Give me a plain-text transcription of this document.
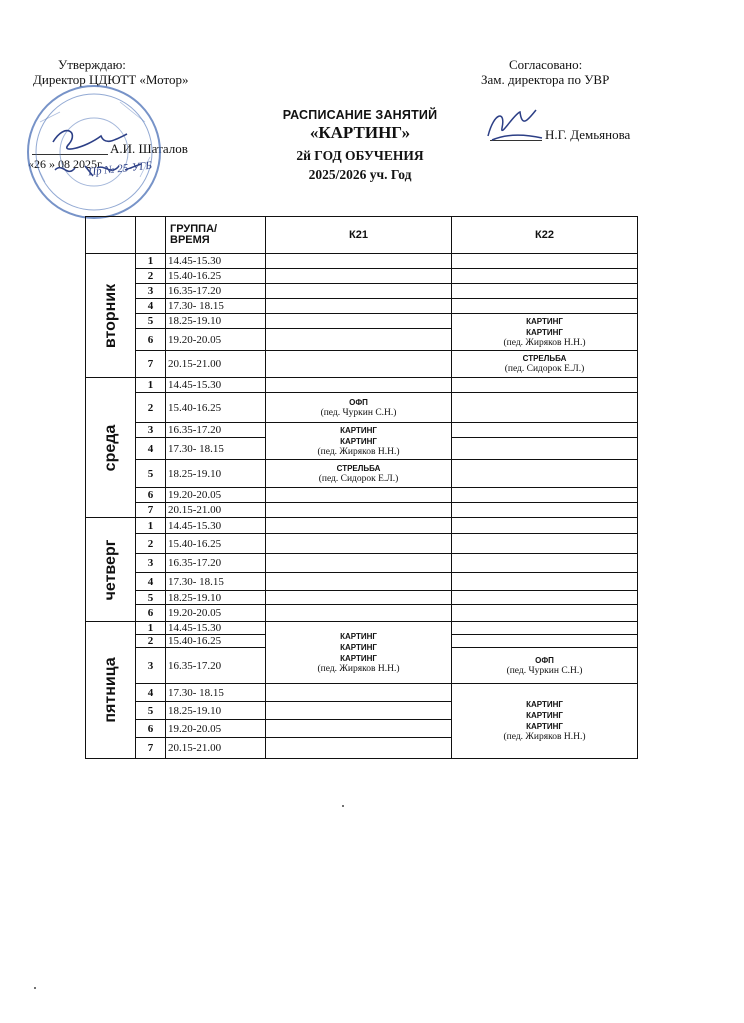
Утверждаю:
Директор ЦДЮТТ «Мотор»
А.И. Шаталов
«26 » 08 2025г.
Пр № 25-УГБ
Согласовано:
Зам. директора по УВР
Н.Г. Демьянова
РАСПИСАНИЕ ЗАНЯТИЙ
«КАРТИНГ»
2й ГОД ОБУЧЕНИЯ
2025/2026 уч. Год
		ГРУППА/
ВРЕМЯ	К21	К22

вторник	1	14.45-15.30		
	2	15.40-16.25		
	3	16.35-17.20		
	4	17.30- 18.15		
	5	18.25-19.10		КАРТИНГ
КАРТИНГ
(пед. Жиряков Н.Н.)

	6	19.20-20.05		
	7	20.15-21.00		СТРЕЛЬБА
(пед. Сидорок Е.Л.)

среда	1	14.45-15.30		
	2	15.40-16.25	ОФП
(пед. Чуркин С.Н.)	

	3	16.35-17.20	КАРТИНГ
КАРТИНГ
(пед. Жиряков Н.Н.)	

	4	17.30- 18.15		
	5	18.25-19.10	СТРЕЛЬБА
(пед. Сидорок Е.Л.)	

	6	19.20-20.05		
	7	20.15-21.00		

четверг	1	14.45-15.30		
	2	15.40-16.25		
	3	16.35-17.20		
	4	17.30- 18.15		
	5	18.25-19.10		
	6	19.20-20.05		

пятница	1	14.45-15.30	КАРТИНГ
КАРТИНГ
КАРТИНГ
(пед. Жиряков Н.Н.)	

	2	15.40-16.25		
	3	16.35-17.20		ОФП
(пед. Чуркин С.Н.)

	4	17.30- 18.15		КАРТИНГ
КАРТИНГ
КАРТИНГ
(пед. Жиряков Н.Н.)

	5	18.25-19.10		
	6	19.20-20.05		
	7	20.15-21.00		
